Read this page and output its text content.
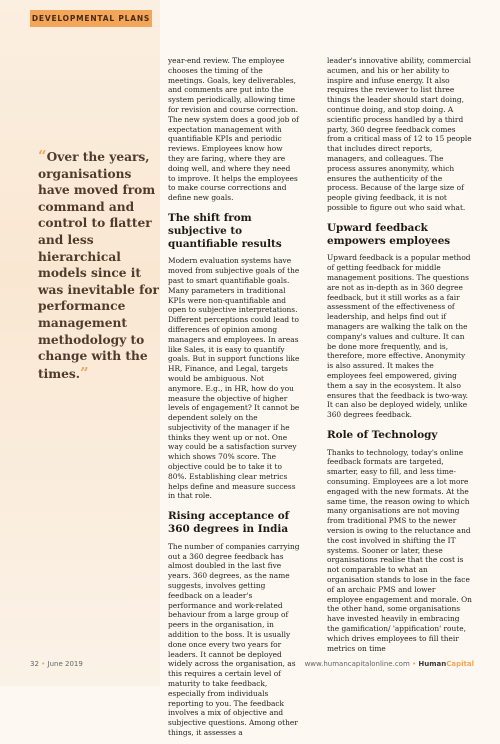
DEVELOPMENTAL PLANS
“Over the years, organisations have moved from command and control to flatter and less hierarchical models since it was inevitable for performance management methodology to change with the times.”

year-end review. The employee chooses the timing of the meetings. Goals, key deliverables, and comments are put into the system periodically, allowing time for revision and course correction. The new system does a good job of expectation management with quantifiable KPIs and periodic reviews. Employees know how they are faring, where they are doing well, and where they need to improve. It helps the employees to make course corrections and define new goals.

The shift from subjective to quantifiable results

Modern evaluation systems have moved from subjective goals of the past to smart quantifiable goals. Many parameters in traditional KPIs were non-quantifiable and open to subjective interpretations. Different perceptions could lead to differences of opinion among managers and employees. In areas like Sales, it is easy to quantify goals. But in support functions like HR, Finance, and Legal, targets would be ambiguous. Not anymore. E.g., in HR, how do you measure the objective of higher levels of engagement? It cannot be dependent solely on the subjectivity of the manager if he thinks they went up or not. One way could be a satisfaction survey which shows 70% score. The objective could be to take it to 80%. Establishing clear metrics helps define and measure success in that role.

Rising acceptance of 360 degrees in India

The number of companies carrying out a 360 degree feedback has almost doubled in the last five years. 360 degrees, as the name suggests, involves getting feedback on a leader's performance and work-related behaviour from a large group of peers in the organisation, in addition to the boss. It is usually done once every two years for leaders. It cannot be deployed widely across the organisation, as this requires a certain level of maturity to take feedback, especially from individuals reporting to you. The feedback involves a mix of objective and subjective questions. Among other things, it assesses a

leader's innovative ability, commercial acumen, and his or her ability to inspire and infuse energy. It also requires the reviewer to list three things the leader should start doing, continue doing, and stop doing. A scientific process handled by a third party, 360 degree feedback comes from a critical mass of 12 to 15 people that includes direct reports, managers, and colleagues. The process assures anonymity, which ensures the authenticity of the process. Because of the large size of people giving feedback, it is not possible to figure out who said what.

Upward feedback empowers employees

Upward feedback is a popular method of getting feedback for middle management positions. The questions are not as in-depth as in 360 degree feedback, but it still works as a fair assessment of the effectiveness of leadership, and helps find out if managers are walking the talk on the company's values and culture. It can be done more frequently, and is, therefore, more effective. Anonymity is also assured. It makes the employees feel empowered, giving them a say in the ecosystem. It also ensures that the feedback is two-way. It can also be deployed widely, unlike 360 degrees feedback.

Role of Technology

Thanks to technology, today's online feedback formats are targeted, smarter, easy to fill, and less time-consuming. Employees are a lot more engaged with the new formats. At the same time, the reason owing to which many organisations are not moving from traditional PMS to the newer version is owing to the reluctance and the cost involved in shifting the IT systems. Sooner or later, these organisations realise that the cost is not comparable to what an organisation stands to lose in the face of an archaic PMS and lower employee engagement and morale. On the other hand, some organisations have invested heavily in embracing the gamification/ 'appification' route, which drives employees to fill their metrics on time

32 • June 2019	www.humancapitalonline.com • HumanCapital
